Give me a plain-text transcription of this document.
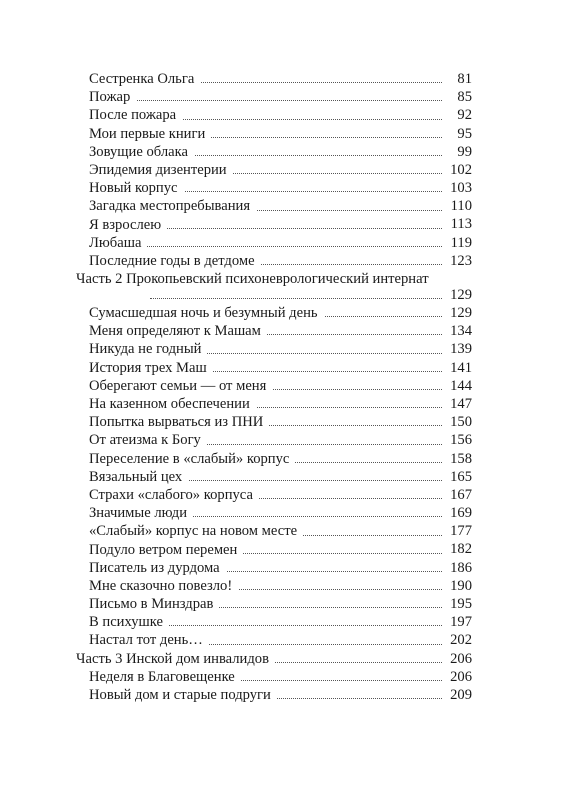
Сестренка Ольга	81
Пожар	85
После пожара	92
Мои первые книги	95
Зовущие облака	99
Эпидемия дизентерии	102
Новый корпус	103
Загадка местопребывания	110
Я взрослею	113
Любаша	119
Последние годы в детдоме	123
Часть 2 Прокопьевский психоневрологический интернат
129
Сумасшедшая ночь и безумный день	129
Меня определяют к Машам	134
Никуда не годный	139
История трех Маш	141
Оберегают семьи — от меня	144
На казенном обеспечении	147
Попытка вырваться из ПНИ	150
От атеизма к Богу	156
Переселение в «слабый» корпус	158
Вязальный цех	165
Страхи «слабого» корпуса	167
Значимые люди	169
«Слабый» корпус на новом месте	177
Подуло ветром перемен	182
Писатель из дурдома	186
Мне сказочно повезло!	190
Письмо в Минздрав	195
В психушке	197
Настал тот день…	202
Часть 3 Инской дом инвалидов	206
Неделя в Благовещенке	206
Новый дом и старые подруги	209
